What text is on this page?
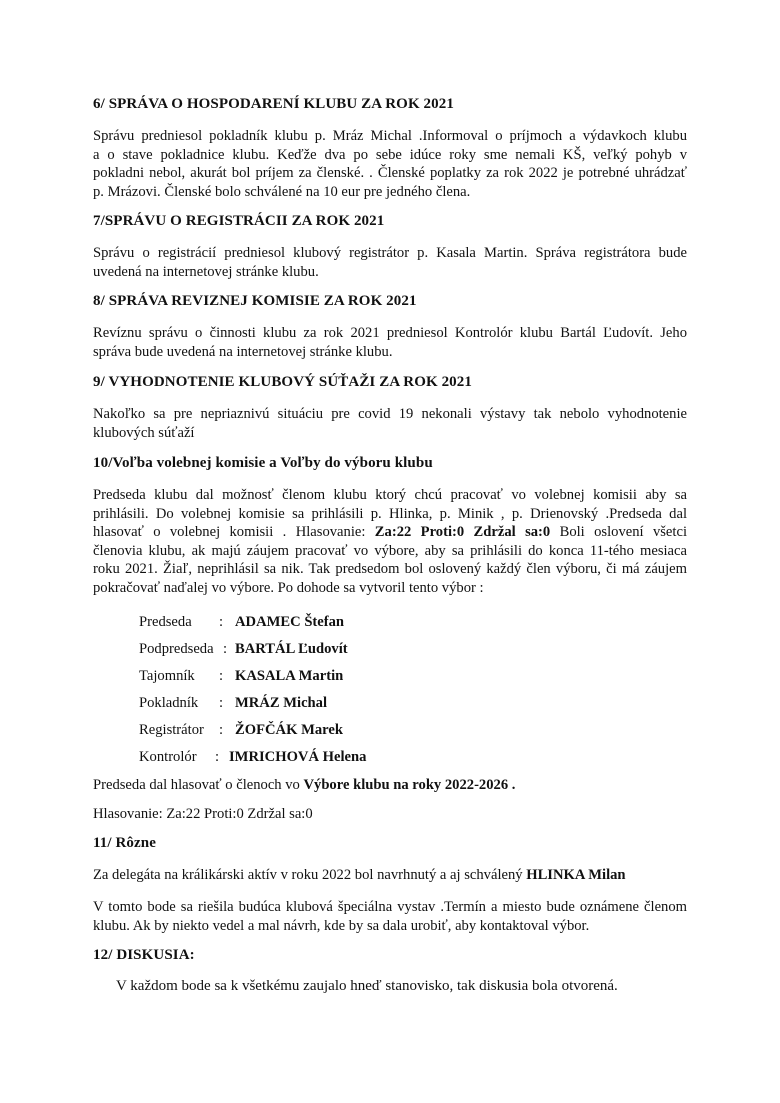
6/ SPRÁVA O HOSPODARENÍ KLUBU ZA ROK 2021
Správu predniesol pokladník klubu p. Mráz Michal .Informoval o príjmoch a výdavkoch klubu
a o stave pokladnice klubu. Keďže dva po sebe idúce roky sme nemali KŠ, veľký pohyb v
pokladni nebol, akurát bol príjem za členské. . Členské poplatky za rok 2022 je potrebné uhrádzať
p. Mrázovi. Členské bolo schválené na 10 eur pre jedného člena.
7/SPRÁVU O REGISTRÁCII ZA ROK 2021
Správu o registrácií predniesol klubový registrátor p. Kasala Martin. Správa registrátora bude
uvedená na internetovej stránke klubu.
8/ SPRÁVA REVIZNEJ KOMISIE ZA ROK 2021
Revíznu správu o činnosti klubu za rok 2021 predniesol Kontrolór klubu Bartál Ľudovít. Jeho
správa bude uvedená na internetovej stránke klubu.
9/ VYHODNOTENIE KLUBOVÝ SÚŤAŽI ZA ROK 2021
Nakoľko sa pre nepriaznivú situáciu pre covid 19 nekonali výstavy tak nebolo vyhodnotenie
klubových súťaží
10/Voľba volebnej komisie a Voľby do výboru klubu
Predseda klubu dal možnosť členom klubu ktorý chcú pracovať vo volebnej komisii aby sa
prihlásili. Do volebnej komisie sa prihlásili p. Hlinka, p. Minik , p. Drienovský .Predseda dal
hlasovať o volebnej komisii . Hlasovanie: Za:22 Proti:0 Zdržal sa:0 Boli oslovení všetci
členovia klubu, ak majú záujem pracovať vo výbore, aby sa prihlásili do konca 11-tého mesiaca
roku 2021. Žiaľ, neprihlásil sa nik. Tak predsedom bol oslovený každý člen výboru, či má záujem
pokračovať naďalej vo výbore. Po dohode sa vytvoril tento výbor :
Predseda : ADAMEC Štefan
Podpredseda : BARTÁL Ľudovít
Tajomník : KASALA Martin
Pokladník : MRÁZ Michal
Registrátor : ŽOFČÁK Marek
Kontrolór : IMRICHOVÁ Helena
Predseda dal hlasovať o členoch vo Výbore klubu na roky 2022-2026 .
Hlasovanie: Za:22 Proti:0 Zdržal sa:0
11/ Rôzne
Za delegáta na králikárski aktív v roku 2022 bol navrhnutý a aj schválený HLINKA Milan
V tomto bode sa riešila budúca klubová špeciálna vystav .Termín a miesto bude oznámene členom
klubu. Ak by niekto vedel a mal návrh, kde by sa dala urobiť, aby kontaktoval výbor.
12/ DISKUSIA:
V každom bode sa k všetkému zaujalo hneď stanovisko, tak diskusia bola otvorená.
